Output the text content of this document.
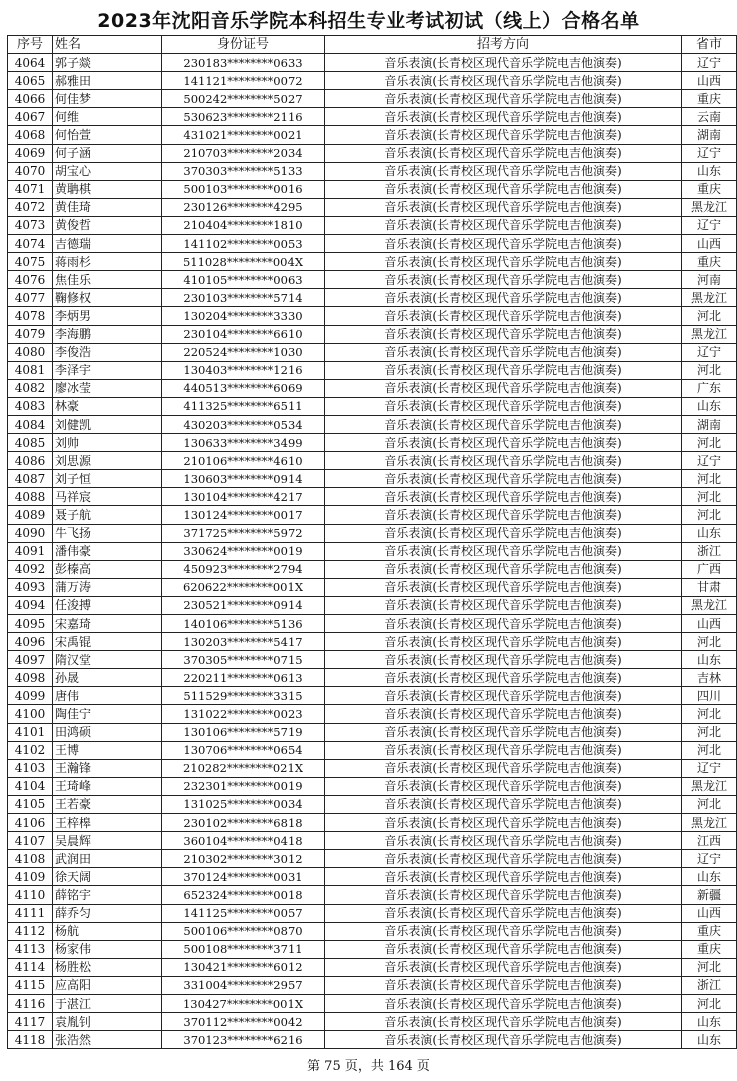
2023年沈阳音乐学院本科招生专业考试初试（线上）合格名单
序号	姓名	身份证号	招考方向	省市
4064	郭子燚	230183********0633	音乐表演(长青校区现代音乐学院电吉他演奏)	辽宁
4065	郝雅田	141121********0072	音乐表演(长青校区现代音乐学院电吉他演奏)	山西
4066	何佳梦	500242********5027	音乐表演(长青校区现代音乐学院电吉他演奏)	重庆
4067	何维	530623********2116	音乐表演(长青校区现代音乐学院电吉他演奏)	云南
4068	何怡萱	431021********0021	音乐表演(长青校区现代音乐学院电吉他演奏)	湖南
4069	何子涵	210703********2034	音乐表演(长青校区现代音乐学院电吉他演奏)	辽宁
4070	胡宝心	370303********5133	音乐表演(长青校区现代音乐学院电吉他演奏)	山东
4071	黄聃棋	500103********0016	音乐表演(长青校区现代音乐学院电吉他演奏)	重庆
4072	黄佳琦	230126********4295	音乐表演(长青校区现代音乐学院电吉他演奏)	黑龙江
4073	黄俊哲	210404********1810	音乐表演(长青校区现代音乐学院电吉他演奏)	辽宁
4074	吉德瑞	141102********0053	音乐表演(长青校区现代音乐学院电吉他演奏)	山西
4075	蒋雨杉	511028********004X	音乐表演(长青校区现代音乐学院电吉他演奏)	重庆
4076	焦佳乐	410105********0063	音乐表演(长青校区现代音乐学院电吉他演奏)	河南
4077	鞠修权	230103********5714	音乐表演(长青校区现代音乐学院电吉他演奏)	黑龙江
4078	李炳男	130204********3330	音乐表演(长青校区现代音乐学院电吉他演奏)	河北
4079	李海鹏	230104********6610	音乐表演(长青校区现代音乐学院电吉他演奏)	黑龙江
4080	李俊浩	220524********1030	音乐表演(长青校区现代音乐学院电吉他演奏)	辽宁
4081	李泽宇	130403********1216	音乐表演(长青校区现代音乐学院电吉他演奏)	河北
4082	廖冰莹	440513********6069	音乐表演(长青校区现代音乐学院电吉他演奏)	广东
4083	林豪	411325********6511	音乐表演(长青校区现代音乐学院电吉他演奏)	山东
4084	刘健凯	430203********0534	音乐表演(长青校区现代音乐学院电吉他演奏)	湖南
4085	刘帅	130633********3499	音乐表演(长青校区现代音乐学院电吉他演奏)	河北
4086	刘思源	210106********4610	音乐表演(长青校区现代音乐学院电吉他演奏)	辽宁
4087	刘子恒	130603********0914	音乐表演(长青校区现代音乐学院电吉他演奏)	河北
4088	马祥宸	130104********4217	音乐表演(长青校区现代音乐学院电吉他演奏)	河北
4089	聂子航	130124********0017	音乐表演(长青校区现代音乐学院电吉他演奏)	河北
4090	牛飞扬	371725********5972	音乐表演(长青校区现代音乐学院电吉他演奏)	山东
4091	潘伟豪	330624********0019	音乐表演(长青校区现代音乐学院电吉他演奏)	浙江
4092	彭榛高	450923********2794	音乐表演(长青校区现代音乐学院电吉他演奏)	广西
4093	蒲万涛	620622********001X	音乐表演(长青校区现代音乐学院电吉他演奏)	甘肃
4094	任浚搏	230521********0914	音乐表演(长青校区现代音乐学院电吉他演奏)	黑龙江
4095	宋嘉琦	140106********5136	音乐表演(长青校区现代音乐学院电吉他演奏)	山西
4096	宋禹锟	130203********5417	音乐表演(长青校区现代音乐学院电吉他演奏)	河北
4097	隋汉堂	370305********0715	音乐表演(长青校区现代音乐学院电吉他演奏)	山东
4098	孙晟	220211********0613	音乐表演(长青校区现代音乐学院电吉他演奏)	吉林
4099	唐伟	511529********3315	音乐表演(长青校区现代音乐学院电吉他演奏)	四川
4100	陶佳宁	131022********0023	音乐表演(长青校区现代音乐学院电吉他演奏)	河北
4101	田鸿硕	130106********5719	音乐表演(长青校区现代音乐学院电吉他演奏)	河北
4102	王博	130706********0654	音乐表演(长青校区现代音乐学院电吉他演奏)	河北
4103	王瀚锋	210282********021X	音乐表演(长青校区现代音乐学院电吉他演奏)	辽宁
4104	王琦峰	232301********0019	音乐表演(长青校区现代音乐学院电吉他演奏)	黑龙江
4105	王若豪	131025********0034	音乐表演(长青校区现代音乐学院电吉他演奏)	河北
4106	王梓槔	230102********6818	音乐表演(长青校区现代音乐学院电吉他演奏)	黑龙江
4107	吴晨辉	360104********0418	音乐表演(长青校区现代音乐学院电吉他演奏)	江西
4108	武润田	210302********3012	音乐表演(长青校区现代音乐学院电吉他演奏)	辽宁
4109	徐天阔	370124********0031	音乐表演(长青校区现代音乐学院电吉他演奏)	山东
4110	薛铭宇	652324********0018	音乐表演(长青校区现代音乐学院电吉他演奏)	新疆
4111	薛乔匀	141125********0057	音乐表演(长青校区现代音乐学院电吉他演奏)	山西
4112	杨航	500106********0870	音乐表演(长青校区现代音乐学院电吉他演奏)	重庆
4113	杨家伟	500108********3711	音乐表演(长青校区现代音乐学院电吉他演奏)	重庆
4114	杨胜松	130421********6012	音乐表演(长青校区现代音乐学院电吉他演奏)	河北
4115	应高阳	331004********2957	音乐表演(长青校区现代音乐学院电吉他演奏)	浙江
4116	于湛江	130427********001X	音乐表演(长青校区现代音乐学院电吉他演奏)	河北
4117	袁胤钊	370112********0042	音乐表演(长青校区现代音乐学院电吉他演奏)	山东
4118	张浩然	370123********6216	音乐表演(长青校区现代音乐学院电吉他演奏)	山东
第 75 页，共 164 页
